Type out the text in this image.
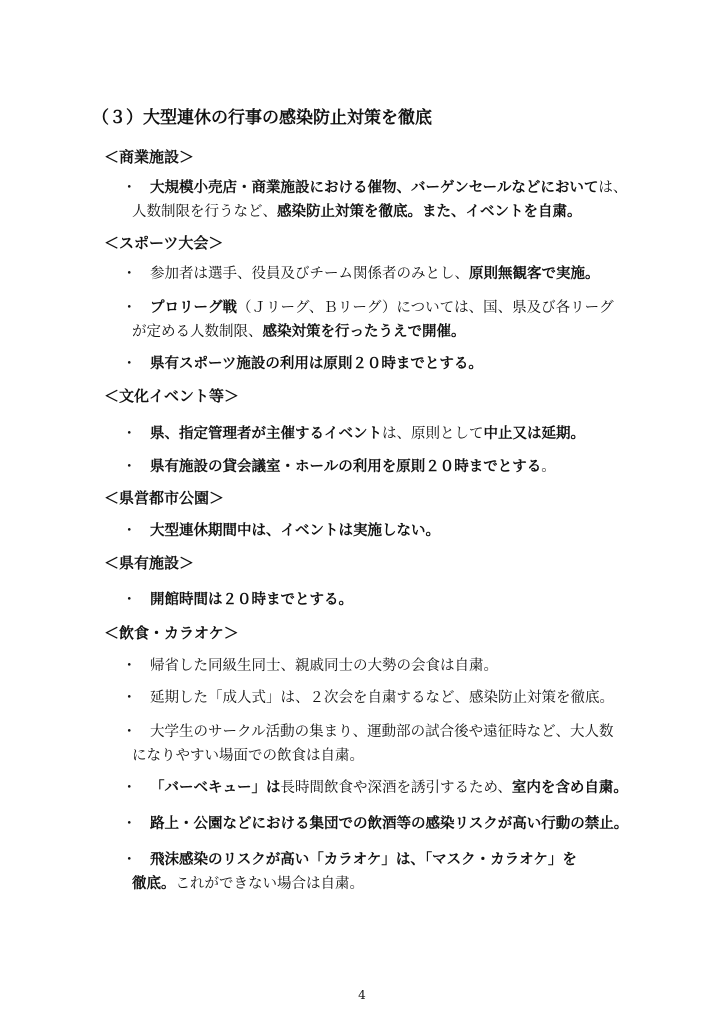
（３）大型連休の行事の感染防止対策を徹底
＜商業施設＞
・ 大規模小売店・商業施設における催物、バーゲンセールなどにおいては、
人数制限を行うなど、感染防止対策を徹底。また、イベントを自粛。
＜スポーツ大会＞
・ 参加者は選手、役員及びチーム関係者のみとし、原則無観客で実施。
・ プロリーグ戦（Ｊリーグ、Ｂリーグ）については、国、県及び各リーグ
が定める人数制限、感染対策を行ったうえで開催。
・ 県有スポーツ施設の利用は原則２０時までとする。
＜文化イベント等＞
・ 県、指定管理者が主催するイベントは、原則として中止又は延期。
・ 県有施設の貸会議室・ホールの利用を原則２０時までとする。
＜県営都市公園＞
・ 大型連休期間中は、イベントは実施しない。
＜県有施設＞
・ 開館時間は２０時までとする。
＜飲食・カラオケ＞
・ 帰省した同級生同士、親戚同士の大勢の会食は自粛。
・ 延期した「成人式」は、２次会を自粛するなど、感染防止対策を徹底。
・ 大学生のサークル活動の集まり、運動部の試合後や遠征時など、大人数
になりやすい場面での飲食は自粛。
・ 「バーベキュー」は長時間飲食や深酒を誘引するため、室内を含め自粛。
・ 路上・公園などにおける集団での飲酒等の感染リスクが高い行動の禁止。
・ 飛沫感染のリスクが高い「カラオケ」は、「マスク・カラオケ」を
徹底。これができない場合は自粛。
4
